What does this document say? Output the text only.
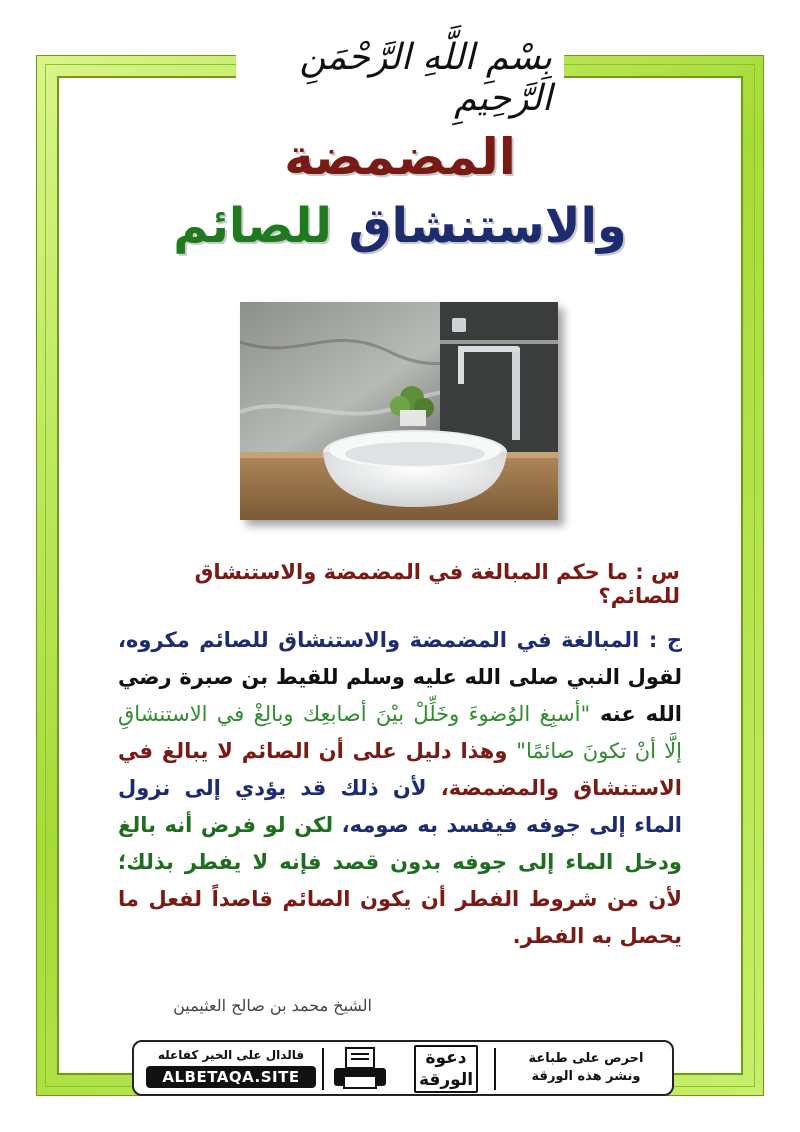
بِسْمِ اللَّهِ الرَّحْمَنِ الرَّحِيمِ
المضمضة
والاستنشاق للصائم
س : ما حكم المبالغة في المضمضة والاستنشاق للصائم؟
ج : المبالغة في المضمضة والاستنشاق للصائم مكروه، لقول النبي صلى الله عليه وسلم للقيط بن صبرة رضي الله عنه "أسبِغ الوُضوءَ وخَلِّلْ بيْنَ أصابعِك وبالِغْ في الاستنشاقِ إلَّا أنْ تكونَ صائمًا" وهذا دليل على أن الصائم لا يبالغ في الاستنشاق والمضمضة، لأن ذلك قد يؤدي إلى نزول الماء إلى جوفه فيفسد به صومه، لكن لو فرض أنه بالغ ودخل الماء إلى جوفه بدون قصد فإنه لا يفطر بذلك؛ لأن من شروط الفطر أن يكون الصائم قاصداً لفعل ما يحصل به الفطر.
الشيخ محمد بن صالح العثيمين
فالدال على الخير كفاعله
ALBETAQA.SITE
دعوة
الورقة
احرص على طباعة
ونشر هذه الورقة
